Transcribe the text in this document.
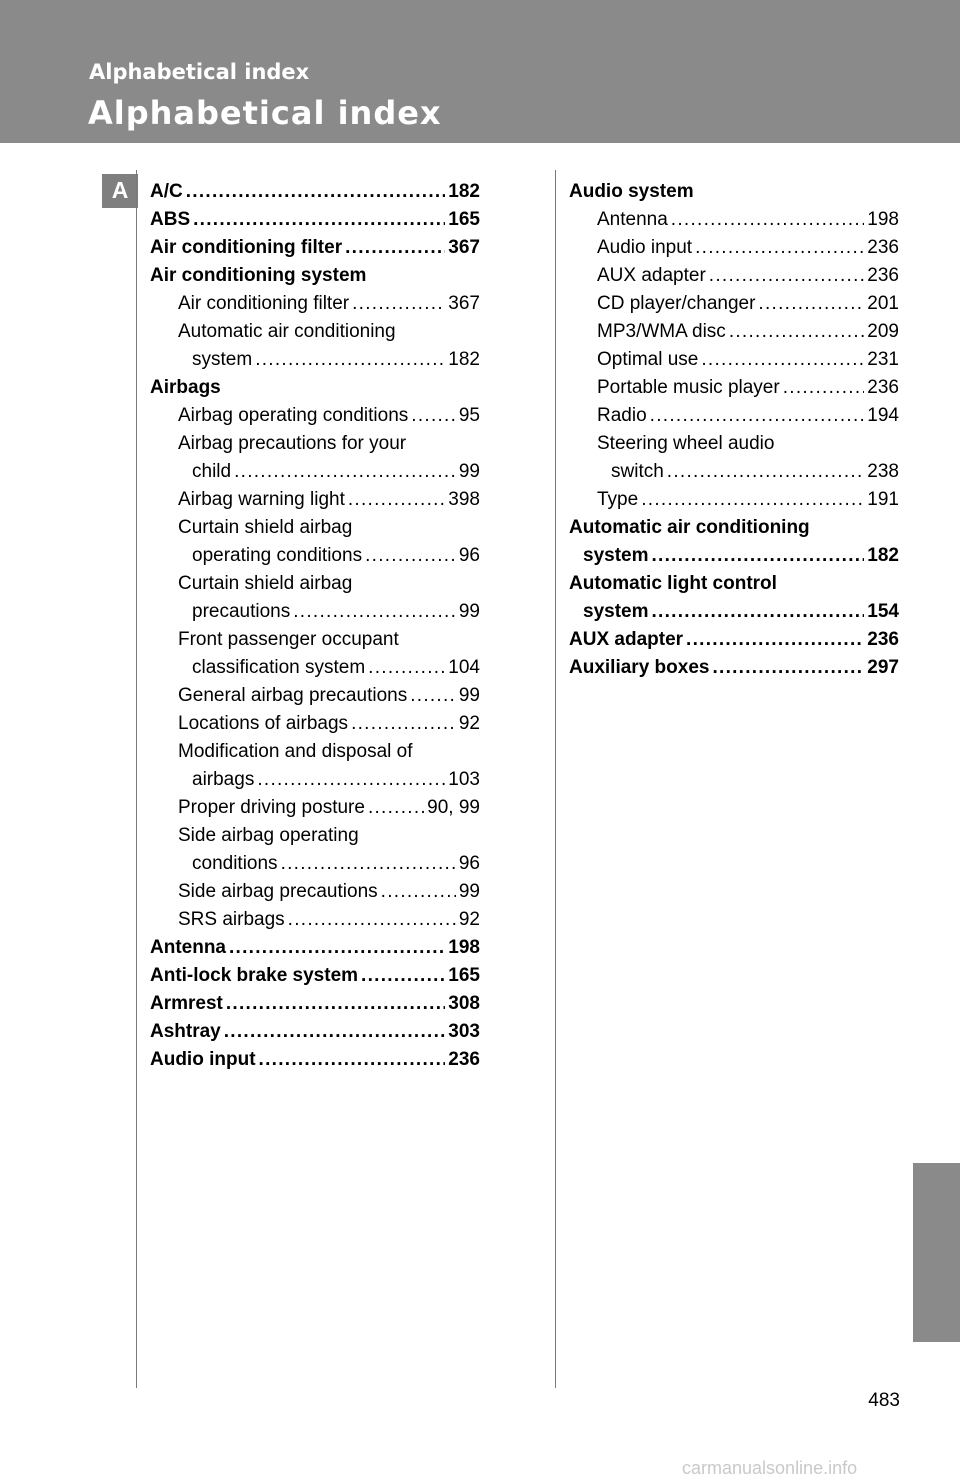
Alphabetical index
Alphabetical index
A	A/C . . .	182
ABS . . .	165
Air conditioning filter . . .	367
Air conditioning system
Air conditioning filter . . .	367
Automatic air conditioning
system . . .	182
Airbags
Airbag operating conditions . . .	95
Airbag precautions for your
child . . .	99
Airbag warning light . . .	398
Curtain shield airbag
operating conditions . . .	96
Curtain shield airbag
precautions . . .	99
Front passenger occupant
classification system . . .	104
General airbag precautions . . .	99
Locations of airbags . . .	92
Modification and disposal of
airbags . . .	103
Proper driving posture . . .	90, 99
Side airbag operating
conditions . . .	96
Side airbag precautions . . .	99
SRS airbags . . .	92
Antenna . . .	198
Anti-lock brake system . . .	165
Armrest . . .	308
Ashtray . . .	303
Audio input . . .	236
Audio system
Antenna . . .	198
Audio input . . .	236
AUX adapter . . .	236
CD player/changer . . .	201
MP3/WMA disc . . .	209
Optimal use . . .	231
Portable music player . . .	236
Radio . . .	194
Steering wheel audio
switch . . .	238
Type . . .	191
Automatic air conditioning
system . . .	182
Automatic light control
system . . .	154
AUX adapter . . .	236
Auxiliary boxes . . .	297
483
carmanualsonline.info
